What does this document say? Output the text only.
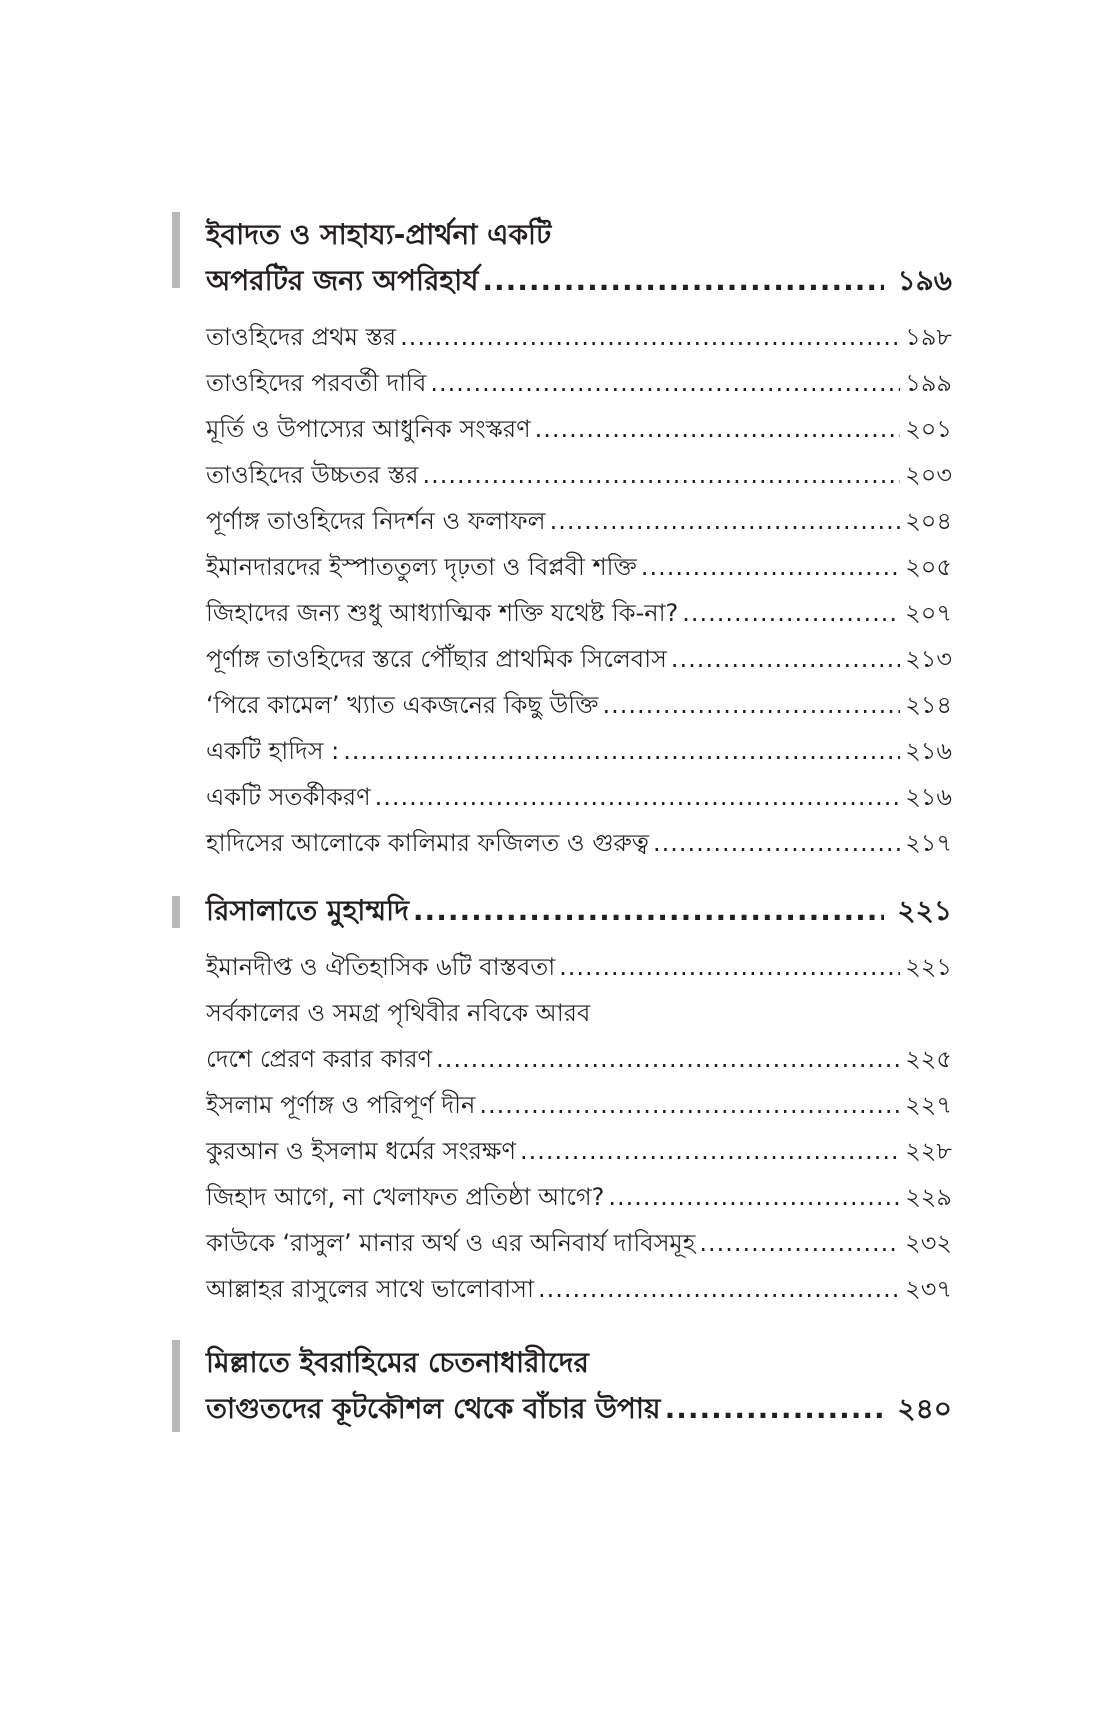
ইবাদত ও সাহায্য-প্রার্থনা একটি
অপরটির জন্য অপরিহার্য .....	১৯৬
তাওহিদের প্রথম স্তর .....	১৯৮
তাওহিদের পরবর্তী দাবি .....	১৯৯
মূর্তি ও উপাস্যের আধুনিক সংস্করণ .....	২০১
তাওহিদের উচ্চতর স্তর .....	২০৩
পূর্ণাঙ্গ তাওহিদের নিদর্শন ও ফলাফল .....	২০৪
ইমানদারদের ইস্পাততুল্য দৃঢ়তা ও বিপ্লবী শক্তি .....	২০৫
জিহাদের জন্য শুধু আধ্যাত্মিক শক্তি যথেষ্ট কি-না? .....	২০৭
পূর্ণাঙ্গ তাওহিদের স্তরে পৌঁছার প্রাথমিক সিলেবাস .....	২১৩
‘পিরে কামেল’ খ্যাত একজনের কিছু উক্তি .....	২১৪
একটি হাদিস : .....	২১৬
একটি সতর্কীকরণ .....	২১৬
হাদিসের আলোকে কালিমার ফজিলত ও গুরুত্ব .....	২১৭
রিসালাতে মুহাম্মদি .....	২২১
ইমানদীপ্ত ও ঐতিহাসিক ৬টি বাস্তবতা .....	২২১
সর্বকালের ও সমগ্র পৃথিবীর নবিকে আরব
দেশে প্রেরণ করার কারণ .....	২২৫
ইসলাম পূর্ণাঙ্গ ও পরিপূর্ণ দীন .....	২২৭
কুরআন ও ইসলাম ধর্মের সংরক্ষণ .....	২২৮
জিহাদ আগে, না খেলাফত প্রতিষ্ঠা আগে? .....	২২৯
কাউকে ‘রাসুল’ মানার অর্থ ও এর অনিবার্য দাবিসমূহ .....	২৩২
আল্লাহর রাসুলের সাথে ভালোবাসা .....	২৩৭
মিল্লাতে ইবরাহিমের চেতনাধারীদের
তাগুতদের কূটকৌশল থেকে বাঁচার উপায় .....	২৪০
